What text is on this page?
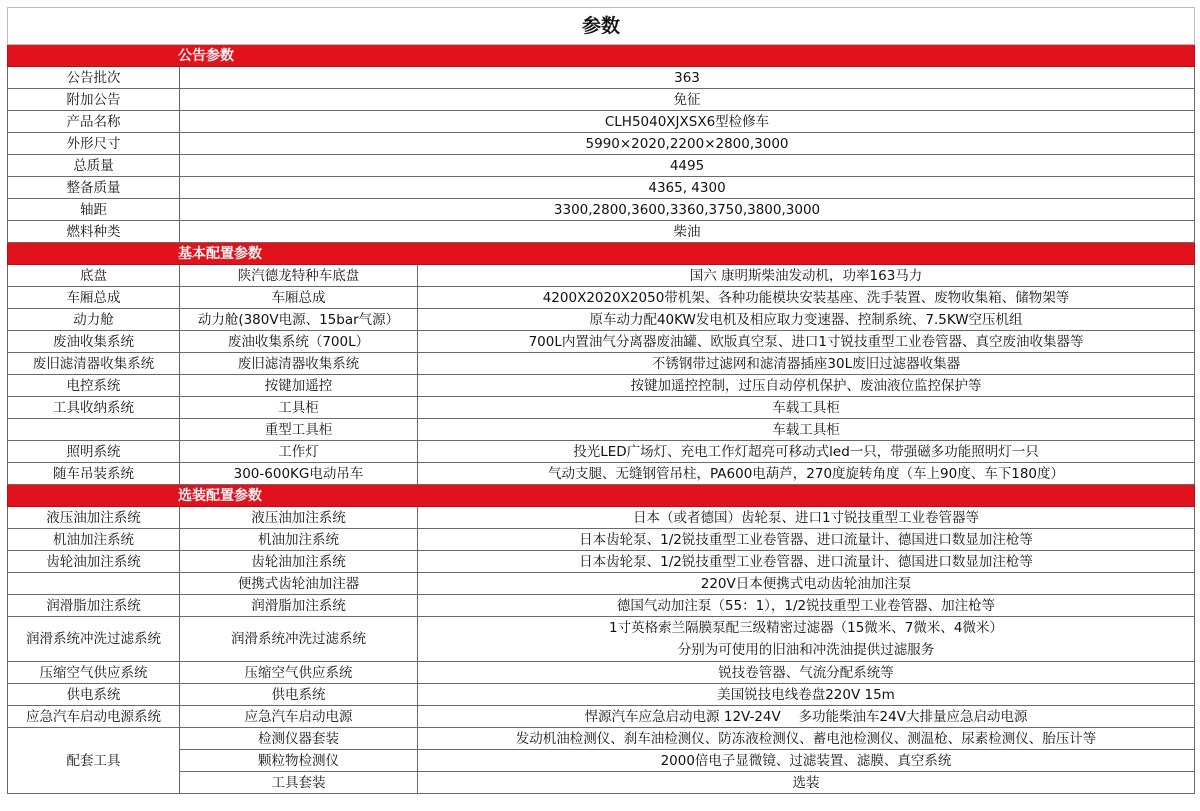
参数		
公告参数		
公告批次	363	
附加公告	免征	
产品名称	CLH5040XJXSX6型检修车	
外形尺寸	5990×2020,2200×2800,3000	
总质量	4495	
整备质量	4365, 4300	
轴距	3300,2800,3600,3360,3750,3800,3000	
燃料种类	柴油	
基本配置参数		
底盘	陕汽德龙特种车底盘	国六 康明斯柴油发动机，功率163马力
车厢总成	车厢总成	4200X2020X2050带机架、各种功能模块安装基座、洗手装置、废物收集箱、储物架等
动力舱	动力舱(380V电源、15bar气源）	原车动力配40KW发电机及相应取力变速器、控制系统、7.5KW空压机组
废油收集系统	废油收集系统（700L）	700L内置油气分离器废油罐、欧版真空泵、进口1寸锐技重型工业卷管器、真空废油收集器等
废旧滤清器收集系统	废旧滤清器收集系统	不锈钢带过滤网和滤清器插座30L废旧过滤器收集器
电控系统	按键加遥控	按键加遥控控制，过压自动停机保护、废油液位监控保护等
工具收纳系统	工具柜	车载工具柜
	重型工具柜	车载工具柜
照明系统	工作灯	投光LED广场灯、充电工作灯超亮可移动式led一只，带强磁多功能照明灯一只
随车吊装系统	300-600KG电动吊车	气动支腿、无缝钢管吊柱，PA600电葫芦，270度旋转角度（车上90度、车下180度）
选装配置参数		
液压油加注系统	液压油加注系统	日本（或者德国）齿轮泵、进口1寸锐技重型工业卷管器等
机油加注系统	机油加注系统	日本齿轮泵、1/2锐技重型工业卷管器、进口流量计、德国进口数显加注枪等
齿轮油加注系统	齿轮油加注系统	日本齿轮泵、1/2锐技重型工业卷管器、进口流量计、德国进口数显加注枪等
	便携式齿轮油加注器	220V日本便携式电动齿轮油加注泵
润滑脂加注系统	润滑脂加注系统	德国气动加注泵（55：1），1/2锐技重型工业卷管器、加注枪等
润滑系统冲洗过滤系统	润滑系统冲洗过滤系统	1寸英格索兰隔膜泵配三级精密过滤器（15微米、7微米、4微米）
分别为可使用的旧油和冲洗油提供过滤服务

压缩空气供应系统	压缩空气供应系统	锐技卷管器、气流分配系统等
供电系统	供电系统	美国锐技电线卷盘220V 15m
应急汽车启动电源系统	应急汽车启动电源	悍源汽车应急启动电源 12V-24V　 多功能柴油车24V大排量应急启动电源
配套工具	检测仪器套装	发动机油检测仪、刹车油检测仪、防冻液检测仪、蓄电池检测仪、测温枪、尿素检测仪、胎压计等
	颗粒物检测仪	2000倍电子显微镜、过滤装置、滤膜、真空系统
	工具套装	选装
